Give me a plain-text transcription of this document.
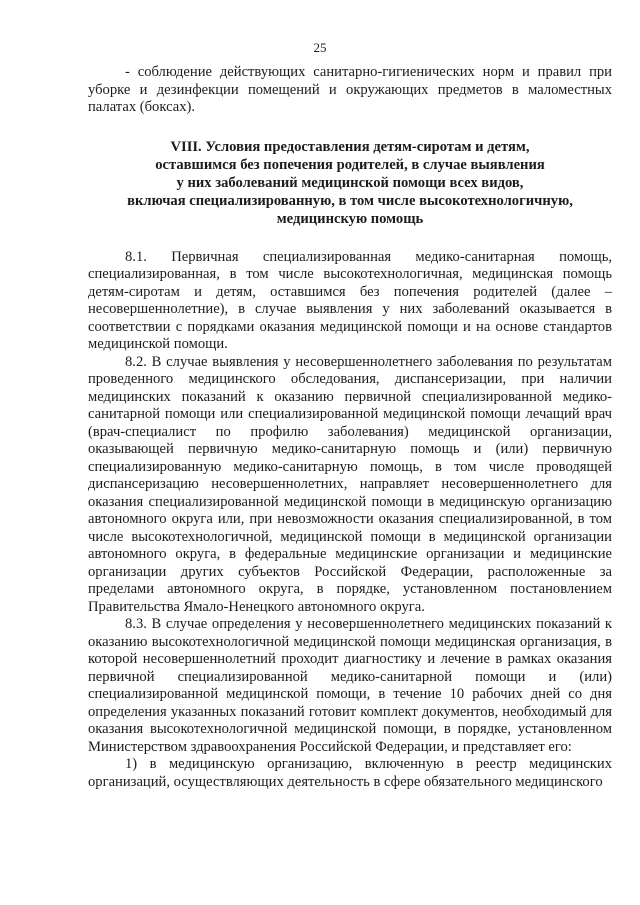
25

- соблюдение действующих санитарно-гигиенических норм и правил при уборке и дезинфекции помещений и окружающих предметов в маломестных палатах (боксах).

VIII. Условия предоставления детям-сиротам и детям,
оставшимся без попечения родителей, в случае выявления
у них заболеваний медицинской помощи всех видов,
включая специализированную, в том числе высокотехнологичную,
медицинскую помощь

8.1. Первичная специализированная медико-санитарная помощь, специализированная, в том числе высокотехнологичная, медицинская помощь детям-сиротам и детям, оставшимся без попечения родителей (далее – несовершеннолетние), в случае выявления у них заболеваний оказывается в соответствии с порядками оказания медицинской помощи и на основе стандартов медицинской помощи.

8.2. В случае выявления у несовершеннолетнего заболевания по результатам проведенного медицинского обследования, диспансеризации, при наличии медицинских показаний к оказанию первичной специализированной медико-санитарной помощи или специализированной медицинской помощи лечащий врач (врач-специалист по профилю заболевания) медицинской организации, оказывающей первичную медико-санитарную помощь и (или) первичную специализированную медико-санитарную помощь, в том числе проводящей диспансеризацию несовершеннолетних, направляет несовершеннолетнего для оказания специализированной медицинской помощи в медицинскую организацию автономного округа или, при невозможности оказания специализированной, в том числе высокотехнологичной, медицинской помощи в медицинской организации автономного округа, в федеральные медицинские организации и медицинские организации других субъектов Российской Федерации, расположенные за пределами автономного округа, в порядке, установленном постановлением Правительства Ямало-Ненецкого автономного округа.

8.3. В случае определения у несовершеннолетнего медицинских показаний к оказанию высокотехнологичной медицинской помощи медицинская организация, в которой несовершеннолетний проходит диагностику и лечение в рамках оказания первичной специализированной медико-санитарной помощи и (или) специализированной медицинской помощи, в течение 10 рабочих дней со дня определения указанных показаний готовит комплект документов, необходимый для оказания высокотехнологичной медицинской помощи, в порядке, установленном Министерством здравоохранения Российской Федерации, и представляет его:

1) в медицинскую организацию, включенную в реестр медицинских организаций, осуществляющих деятельность в сфере обязательного медицинского
